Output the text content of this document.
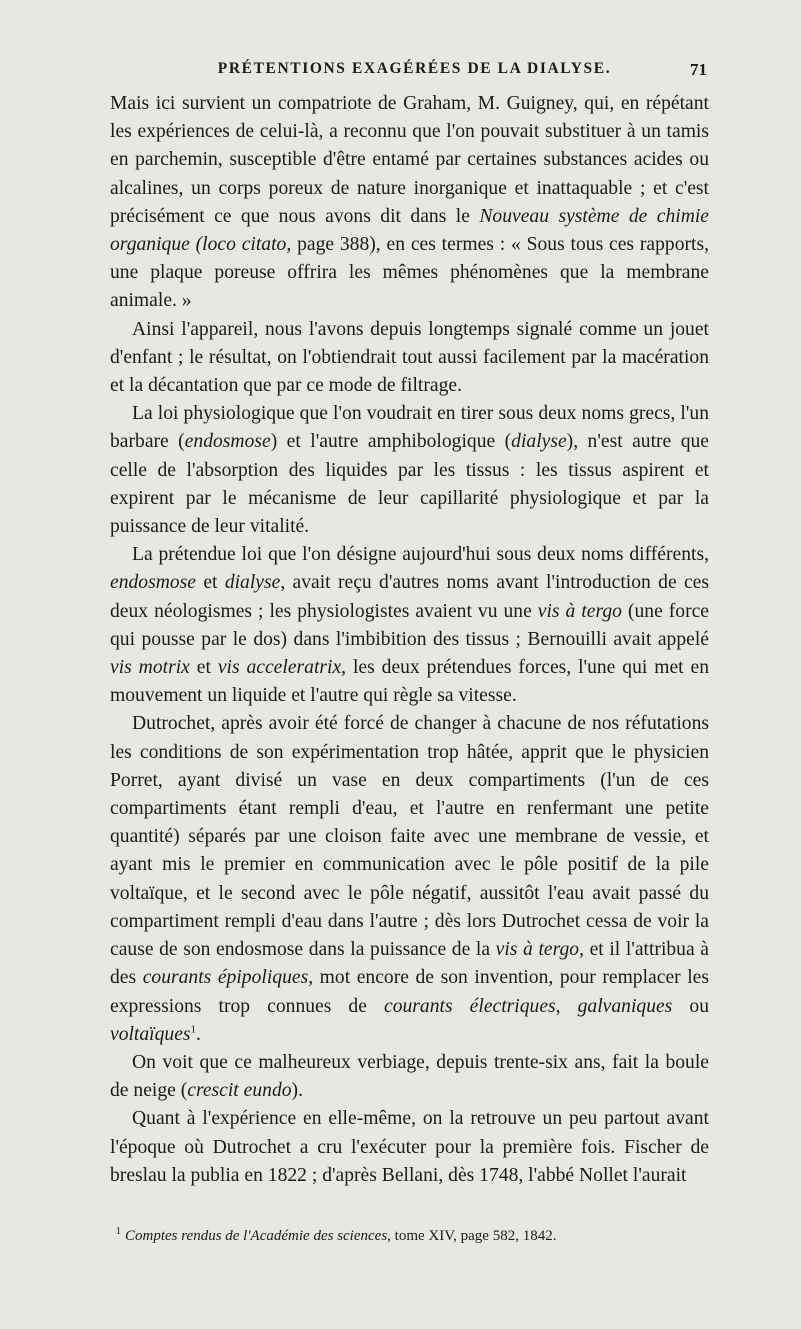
PRÉTENTIONS EXAGÉRÉES DE LA DIALYSE.	71

Mais ici survient un compatriote de Graham, M. Guigney, qui, en répétant les expériences de celui-là, a reconnu que l'on pouvait substituer à un tamis en parchemin, susceptible d'être entamé par certaines substances acides ou alcalines, un corps poreux de nature inorganique et inattaquable ; et c'est précisément ce que nous avons dit dans le Nouveau système de chimie organique (loco citato, page 388), en ces termes : « Sous tous ces rapports, une plaque poreuse offrira les mêmes phénomènes que la membrane animale. »

Ainsi l'appareil, nous l'avons depuis longtemps signalé comme un jouet d'enfant ; le résultat, on l'obtiendrait tout aussi facilement par la macération et la décantation que par ce mode de filtrage.

La loi physiologique que l'on voudrait en tirer sous deux noms grecs, l'un barbare (endosmose) et l'autre amphibologique (dialyse), n'est autre que celle de l'absorption des liquides par les tissus : les tissus aspirent et expirent par le mécanisme de leur capillarité physiologique et par la puissance de leur vitalité.

La prétendue loi que l'on désigne aujourd'hui sous deux noms différents, endosmose et dialyse, avait reçu d'autres noms avant l'introduction de ces deux néologismes ; les physiologistes avaient vu une vis à tergo (une force qui pousse par le dos) dans l'imbibition des tissus ; Bernouilli avait appelé vis motrix et vis acceleratrix, les deux prétendues forces, l'une qui met en mouvement un liquide et l'autre qui règle sa vitesse.

Dutrochet, après avoir été forcé de changer à chacune de nos réfutations les conditions de son expérimentation trop hâtée, apprit que le physicien Porret, ayant divisé un vase en deux compartiments (l'un de ces compartiments étant rempli d'eau, et l'autre en renfermant une petite quantité) séparés par une cloison faite avec une membrane de vessie, et ayant mis le premier en communication avec le pôle positif de la pile voltaïque, et le second avec le pôle négatif, aussitôt l'eau avait passé du compartiment rempli d'eau dans l'autre ; dès lors Dutrochet cessa de voir la cause de son endosmose dans la puissance de la vis à tergo, et il l'attribua à des courants épipoliques, mot encore de son invention, pour remplacer les expressions trop connues de courants électriques, galvaniques ou voltaïques$^1$.

On voit que ce malheureux verbiage, depuis trente-six ans, fait la boule de neige (crescit eundo).

Quant à l'expérience en elle-même, on la retrouve un peu partout avant l'époque où Dutrochet a cru l'exécuter pour la première fois. Fischer de breslau la publia en 1822 ; d'après Bellani, dès 1748, l'abbé Nollet l'aurait

$^1$ Comptes rendus de l'Académie des sciences, tome XIV, page 582, 1842.
